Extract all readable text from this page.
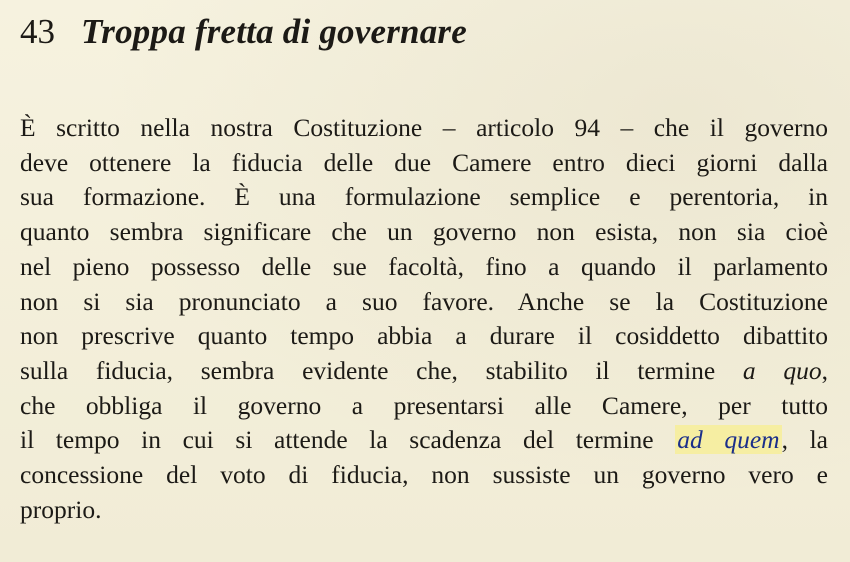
43 Troppa fretta di governare
È scritto nella nostra Costituzione – articolo 94 – che il governo
deve ottenere la fiducia delle due Camere entro dieci giorni dalla
sua formazione. È una formulazione semplice e perentoria, in
quanto sembra significare che un governo non esista, non sia cioè
nel pieno possesso delle sue facoltà, fino a quando il parlamento
non si sia pronunciato a suo favore. Anche se la Costituzione
non prescrive quanto tempo abbia a durare il cosiddetto dibattito
sulla fiducia, sembra evidente che, stabilito il termine a quo,
che obbliga il governo a presentarsi alle Camere, per tutto
il tempo in cui si attende la scadenza del termine ad quem, la
concessione del voto di fiducia, non sussiste un governo vero e
proprio.
